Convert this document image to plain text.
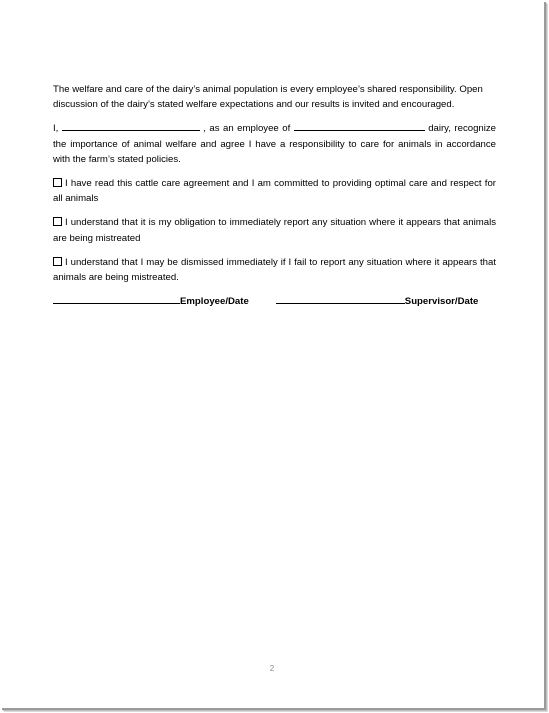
The welfare and care of the dairy’s animal population is every employee’s shared responsibility. Open discussion of the dairy’s stated welfare expectations and our results is invited and encouraged.

I,	, as an employee of	dairy, recognize the importance of animal welfare and agree I have a responsibility to care for animals in accordance with the farm’s stated policies.

I have read this cattle care agreement and I am committed to providing optimal care and respect for all animals

I understand that it is my obligation to immediately report any situation where it appears that animals are being mistreated

I understand that I may be dismissed immediately if I fail to report any situation where it appears that animals are being mistreated.

Employee/Date	Supervisor/Date

2
